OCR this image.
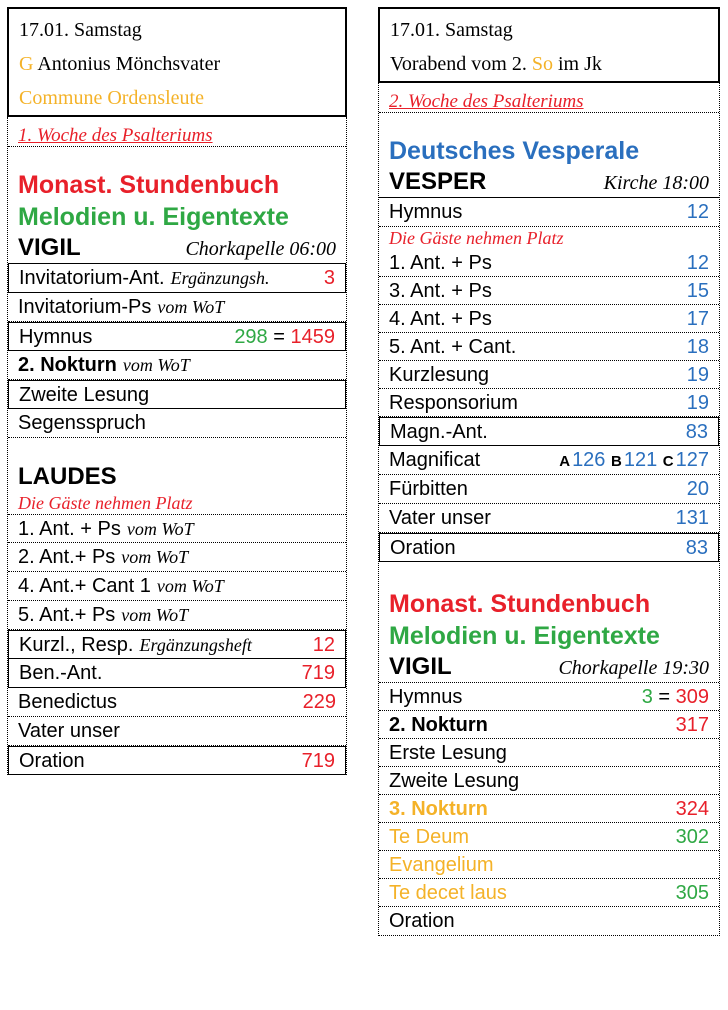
17.01. Samstag
G Antonius Mönchsvater
Commune Ordensleute
1. Woche des Psalteriums
Monast. Stundenbuch
Melodien u. Eigentexte
VIGIL	Chorkapelle 06:00
Invitatorium-Ant. Ergänzungsh.	3
Invitatorium-Ps vom WoT
Hymnus	298 = 1459
2. Nokturn vom WoT
Zweite Lesung
Segensspruch
LAUDES
Die Gäste nehmen Platz
1. Ant. + Ps vom WoT
2. Ant.+ Ps vom WoT
4. Ant.+ Cant 1 vom WoT
5. Ant.+ Ps vom WoT
Kurzl., Resp. Ergänzungsheft	12
Ben.-Ant.	719
Benedictus	229
Vater unser
Oration	719
17.01. Samstag
Vorabend vom 2. So im Jk
2. Woche des Psalteriums
Deutsches Vesperale
VESPER	Kirche 18:00
Hymnus	12
Die Gäste nehmen Platz
1. Ant. + Ps	12
3. Ant. + Ps	15
4. Ant. + Ps	17
5. Ant. + Cant.	18
Kurzlesung	19
Responsorium	19
Magn.-Ant.	83
Magnificat	A 126 B 121 C 127
Fürbitten	20
Vater unser	131
Oration	83
Monast. Stundenbuch
Melodien u. Eigentexte
VIGIL	Chorkapelle 19:30
Hymnus	3 = 309
2. Nokturn	317
Erste Lesung
Zweite Lesung
3. Nokturn	324
Te Deum	302
Evangelium
Te decet laus	305
Oration
